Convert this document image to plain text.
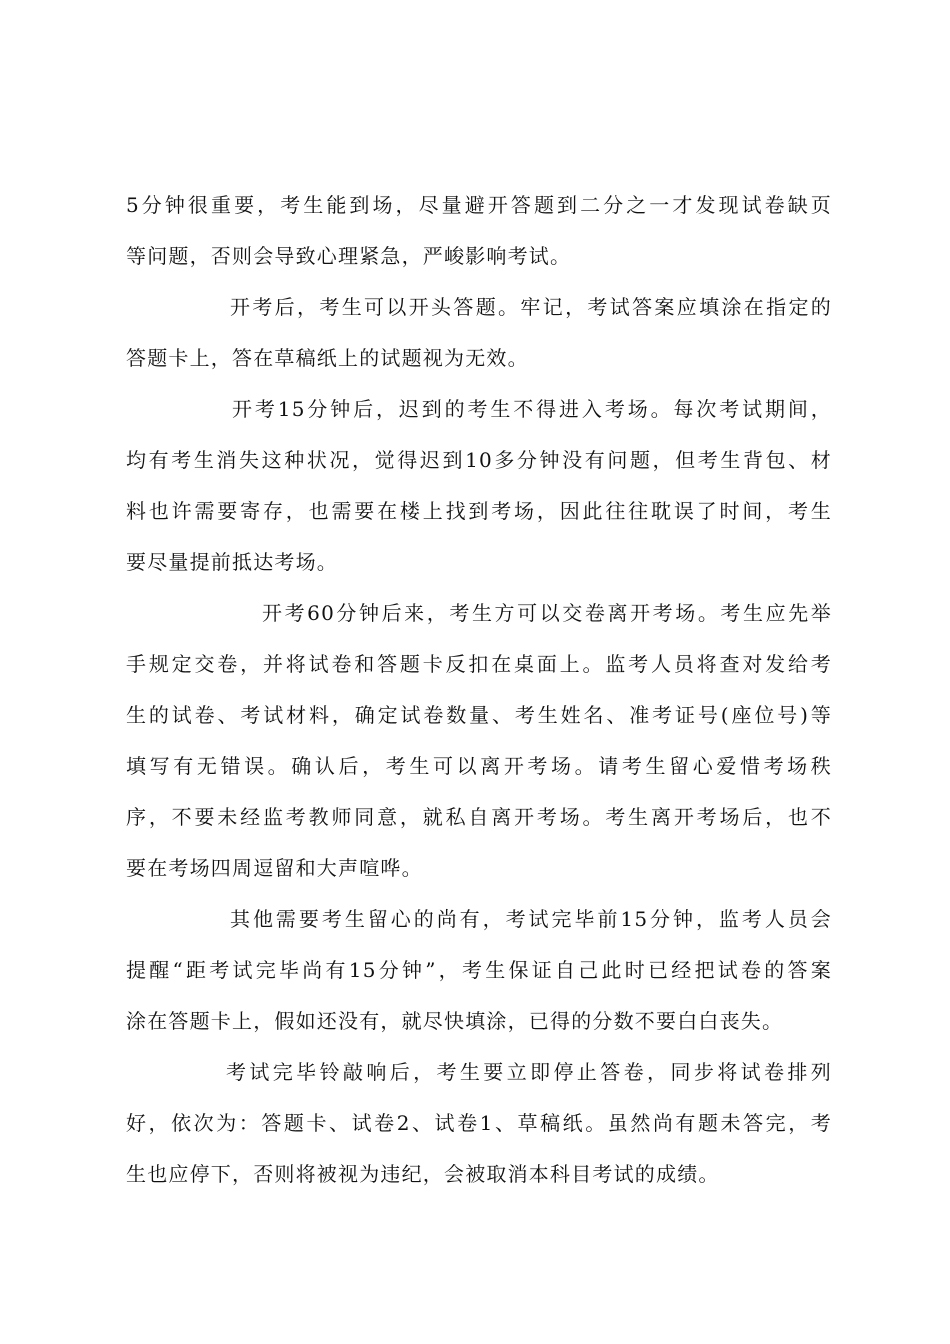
5分钟很重要，考生能到场，尽量避开答题到二分之一才发现试卷缺页
等问题，否则会导致心理紧急，严峻影响考试。
开考后，考生可以开头答题。牢记，考试答案应填涂在指定的
答题卡上，答在草稿纸上的试题视为无效。
开考15分钟后，迟到的考生不得进入考场。每次考试期间，
均有考生消失这种状况，觉得迟到10多分钟没有问题，但考生背包、材
料也许需要寄存，也需要在楼上找到考场，因此往往耽误了时间，考生
要尽量提前抵达考场。
开考60分钟后来，考生方可以交卷离开考场。考生应先举
手规定交卷，并将试卷和答题卡反扣在桌面上。监考人员将查对发给考
生的试卷、考试材料，确定试卷数量、考生姓名、准考证号(座位号)等
填写有无错误。确认后，考生可以离开考场。请考生留心爱惜考场秩
序，不要未经监考教师同意，就私自离开考场。考生离开考场后，也不
要在考场四周逗留和大声喧哗。
其他需要考生留心的尚有，考试完毕前15分钟，监考人员会
提醒“距考试完毕尚有15分钟”，考生保证自己此时已经把试卷的答案
涂在答题卡上，假如还没有，就尽快填涂，已得的分数不要白白丧失。
考试完毕铃敲响后，考生要立即停止答卷，同步将试卷排列
好，依次为：答题卡、试卷2、试卷1、草稿纸。虽然尚有题未答完，考
生也应停下，否则将被视为违纪，会被取消本科目考试的成绩。
